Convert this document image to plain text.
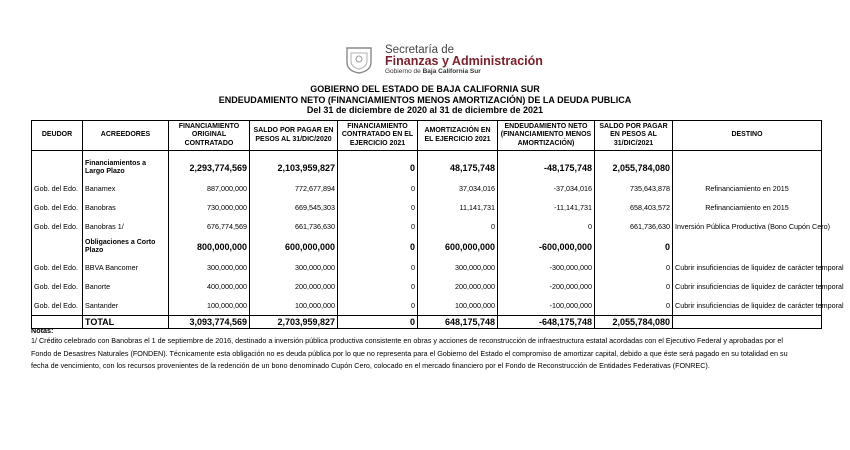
Secretaría de
Finanzas y Administración
Gobierno de Baja California Sur
GOBIERNO DEL ESTADO DE BAJA CALIFORNIA SUR
ENDEUDAMIENTO NETO (FINANCIAMIENTOS MENOS AMORTIZACIÓN) DE LA DEUDA PUBLICA
Del 31 de diciembre de 2020 al 31 de diciembre de 2021
DEUDOR	ACREEDORES	FINANCIAMIENTO ORIGINAL CONTRATADO	SALDO POR PAGAR EN PESOS AL 31/DIC/2020	FINANCIAMIENTO CONTRATADO EN EL EJERCICIO 2021	AMORTIZACIÓN EN EL EJERCICIO 2021	ENDEUDAMIENTO NETO (FINANCIAMIENTO MENOS AMORTIZACIÓN)	SALDO POR PAGAR EN PESOS AL 31/DIC/2021	DESTINO

	Financiamientos a Largo Plazo	2,293,774,569	2,103,959,827	0	48,175,748	-48,175,748	2,055,784,080	
Gob. del Edo.	Banamex	887,000,000	772,677,894	0	37,034,016	-37,034,016	735,643,878	Refinanciamiento en 2015
Gob. del Edo.	Banobras	730,000,000	669,545,303	0	11,141,731	-11,141,731	658,403,572	Refinanciamiento en 2015
Gob. del Edo.	Banobras 1/	676,774,569	661,736,630	0	0	0	661,736,630	Inversión Pública Productiva (Bono Cupón Cero)
	Obligaciones a Corto Plazo	800,000,000	600,000,000	0	600,000,000	-600,000,000	0	
Gob. del Edo.	BBVA Bancomer	300,000,000	300,000,000	0	300,000,000	-300,000,000	0	Cubrir insuficiencias de liquidez de carácter temporal
Gob. del Edo.	Banorte	400,000,000	200,000,000	0	200,000,000	-200,000,000	0	Cubrir insuficiencias de liquidez de carácter temporal
Gob. del Edo.	Santander	100,000,000	100,000,000	0	100,000,000	-100,000,000	0	Cubrir insuficiencias de liquidez de carácter temporal
	TOTAL	3,093,774,569	2,703,959,827	0	648,175,748	-648,175,748	2,055,784,080	
Notas:
1/ Crédito celebrado con Banobras el 1 de septiembre de 2016, destinado a inversión pública productiva consistente en obras y acciones de reconstrucción de infraestructura estatal acordadas con el Ejecutivo Federal y aprobadas por el
Fondo de Desastres Naturales (FONDEN). Técnicamente esta obligación no es deuda pública por lo que no representa para el Gobierno del Estado el compromiso de amortizar capital, debido a que éste será pagado en su totalidad en su
fecha de vencimiento, con los recursos provenientes de la redención de un bono denominado Cupón Cero, colocado en el mercado financiero por el Fondo de Reconstrucción de Entidades Federativas (FONREC).
